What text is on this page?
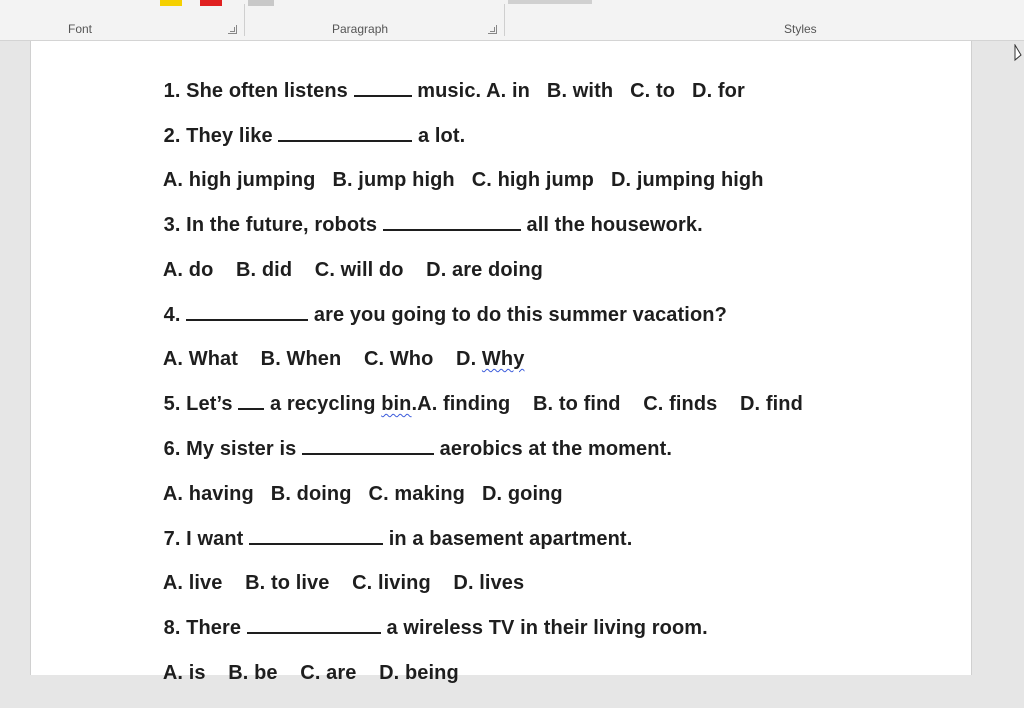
Font	Paragraph	Styles

1. She often listens	music. A. in   B. with   C. to   D. for

2. They like	a lot.

A. high jumping   B. jump high   C. high jump   D. jumping high

3. In the future, robots	all the housework.

A. do    B. did    C. will do    D. are doing

4.	are you going to do this summer vacation?

A. What    B. When    C. Who    D. Why

5. Let’s  a recycling bin.A. finding    B. to find    C. finds    D. find

6. My sister is	aerobics at the moment.

A. having   B. doing   C. making   D. going

7. I want	in a basement apartment.

A. live    B. to live    C. living    D. lives

8. There	a wireless TV in their living room.

A. is    B. be    C. are    D. being
